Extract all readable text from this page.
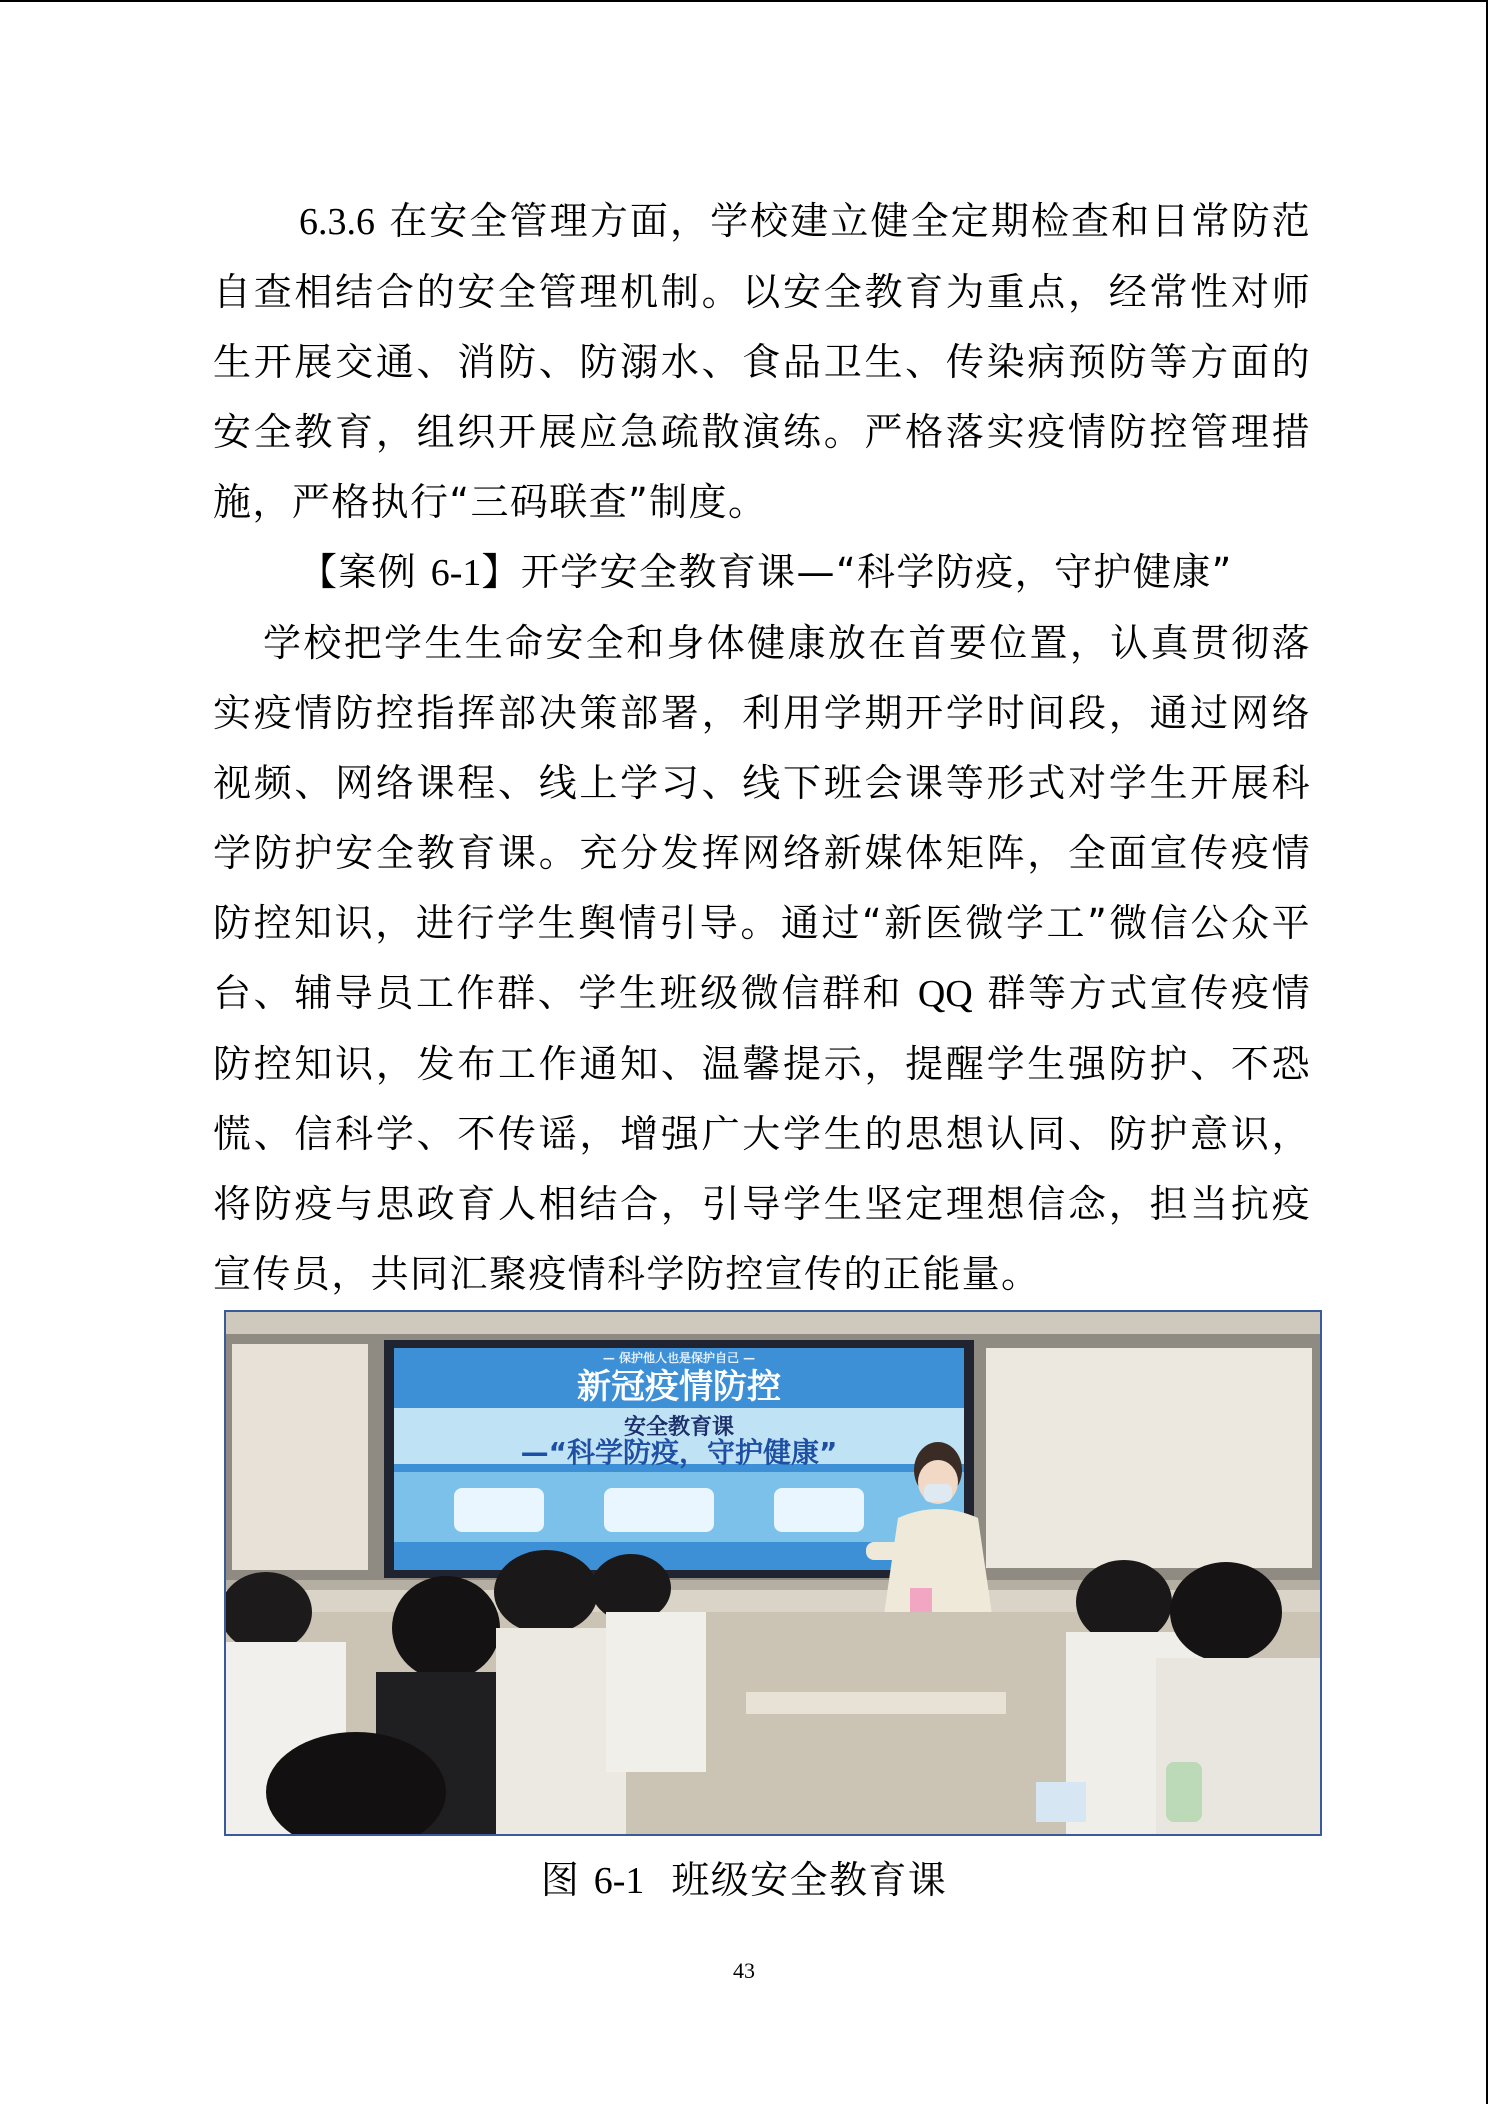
6.3.6 在安全管理方面，学校建立健全定期检查和日常防范自查相结合的安全管理机制。以安全教育为重点，经常性对师生开展交通、消防、防溺水、食品卫生、传染病预防等方面的安全教育，组织开展应急疏散演练。严格落实疫情防控管理措施，严格执行“三码联查”制度。

【案例 6-1】开学安全教育课—“科学防疫，守护健康”

学校把学生生命安全和身体健康放在首要位置，认真贯彻落实疫情防控指挥部决策部署，利用学期开学时间段，通过网络视频、网络课程、线上学习、线下班会课等形式对学生开展科学防护安全教育课。充分发挥网络新媒体矩阵，全面宣传疫情防控知识，进行学生舆情引导。通过“新医微学工”微信公众平台、辅导员工作群、学生班级微信群和 QQ 群等方式宣传疫情防控知识，发布工作通知、温馨提示，提醒学生强防护、不恐慌、信科学、不传谣，增强广大学生的思想认同、防护意识，将防疫与思政育人相结合，引导学生坚定理想信念，担当抗疫宣传员，共同汇聚疫情科学防控宣传的正能量。

— 保护他人也是保护自己 —
新冠疫情防控
安全教育课
—“科学防疫，守护健康”
图 6-1 班级安全教育课
43
